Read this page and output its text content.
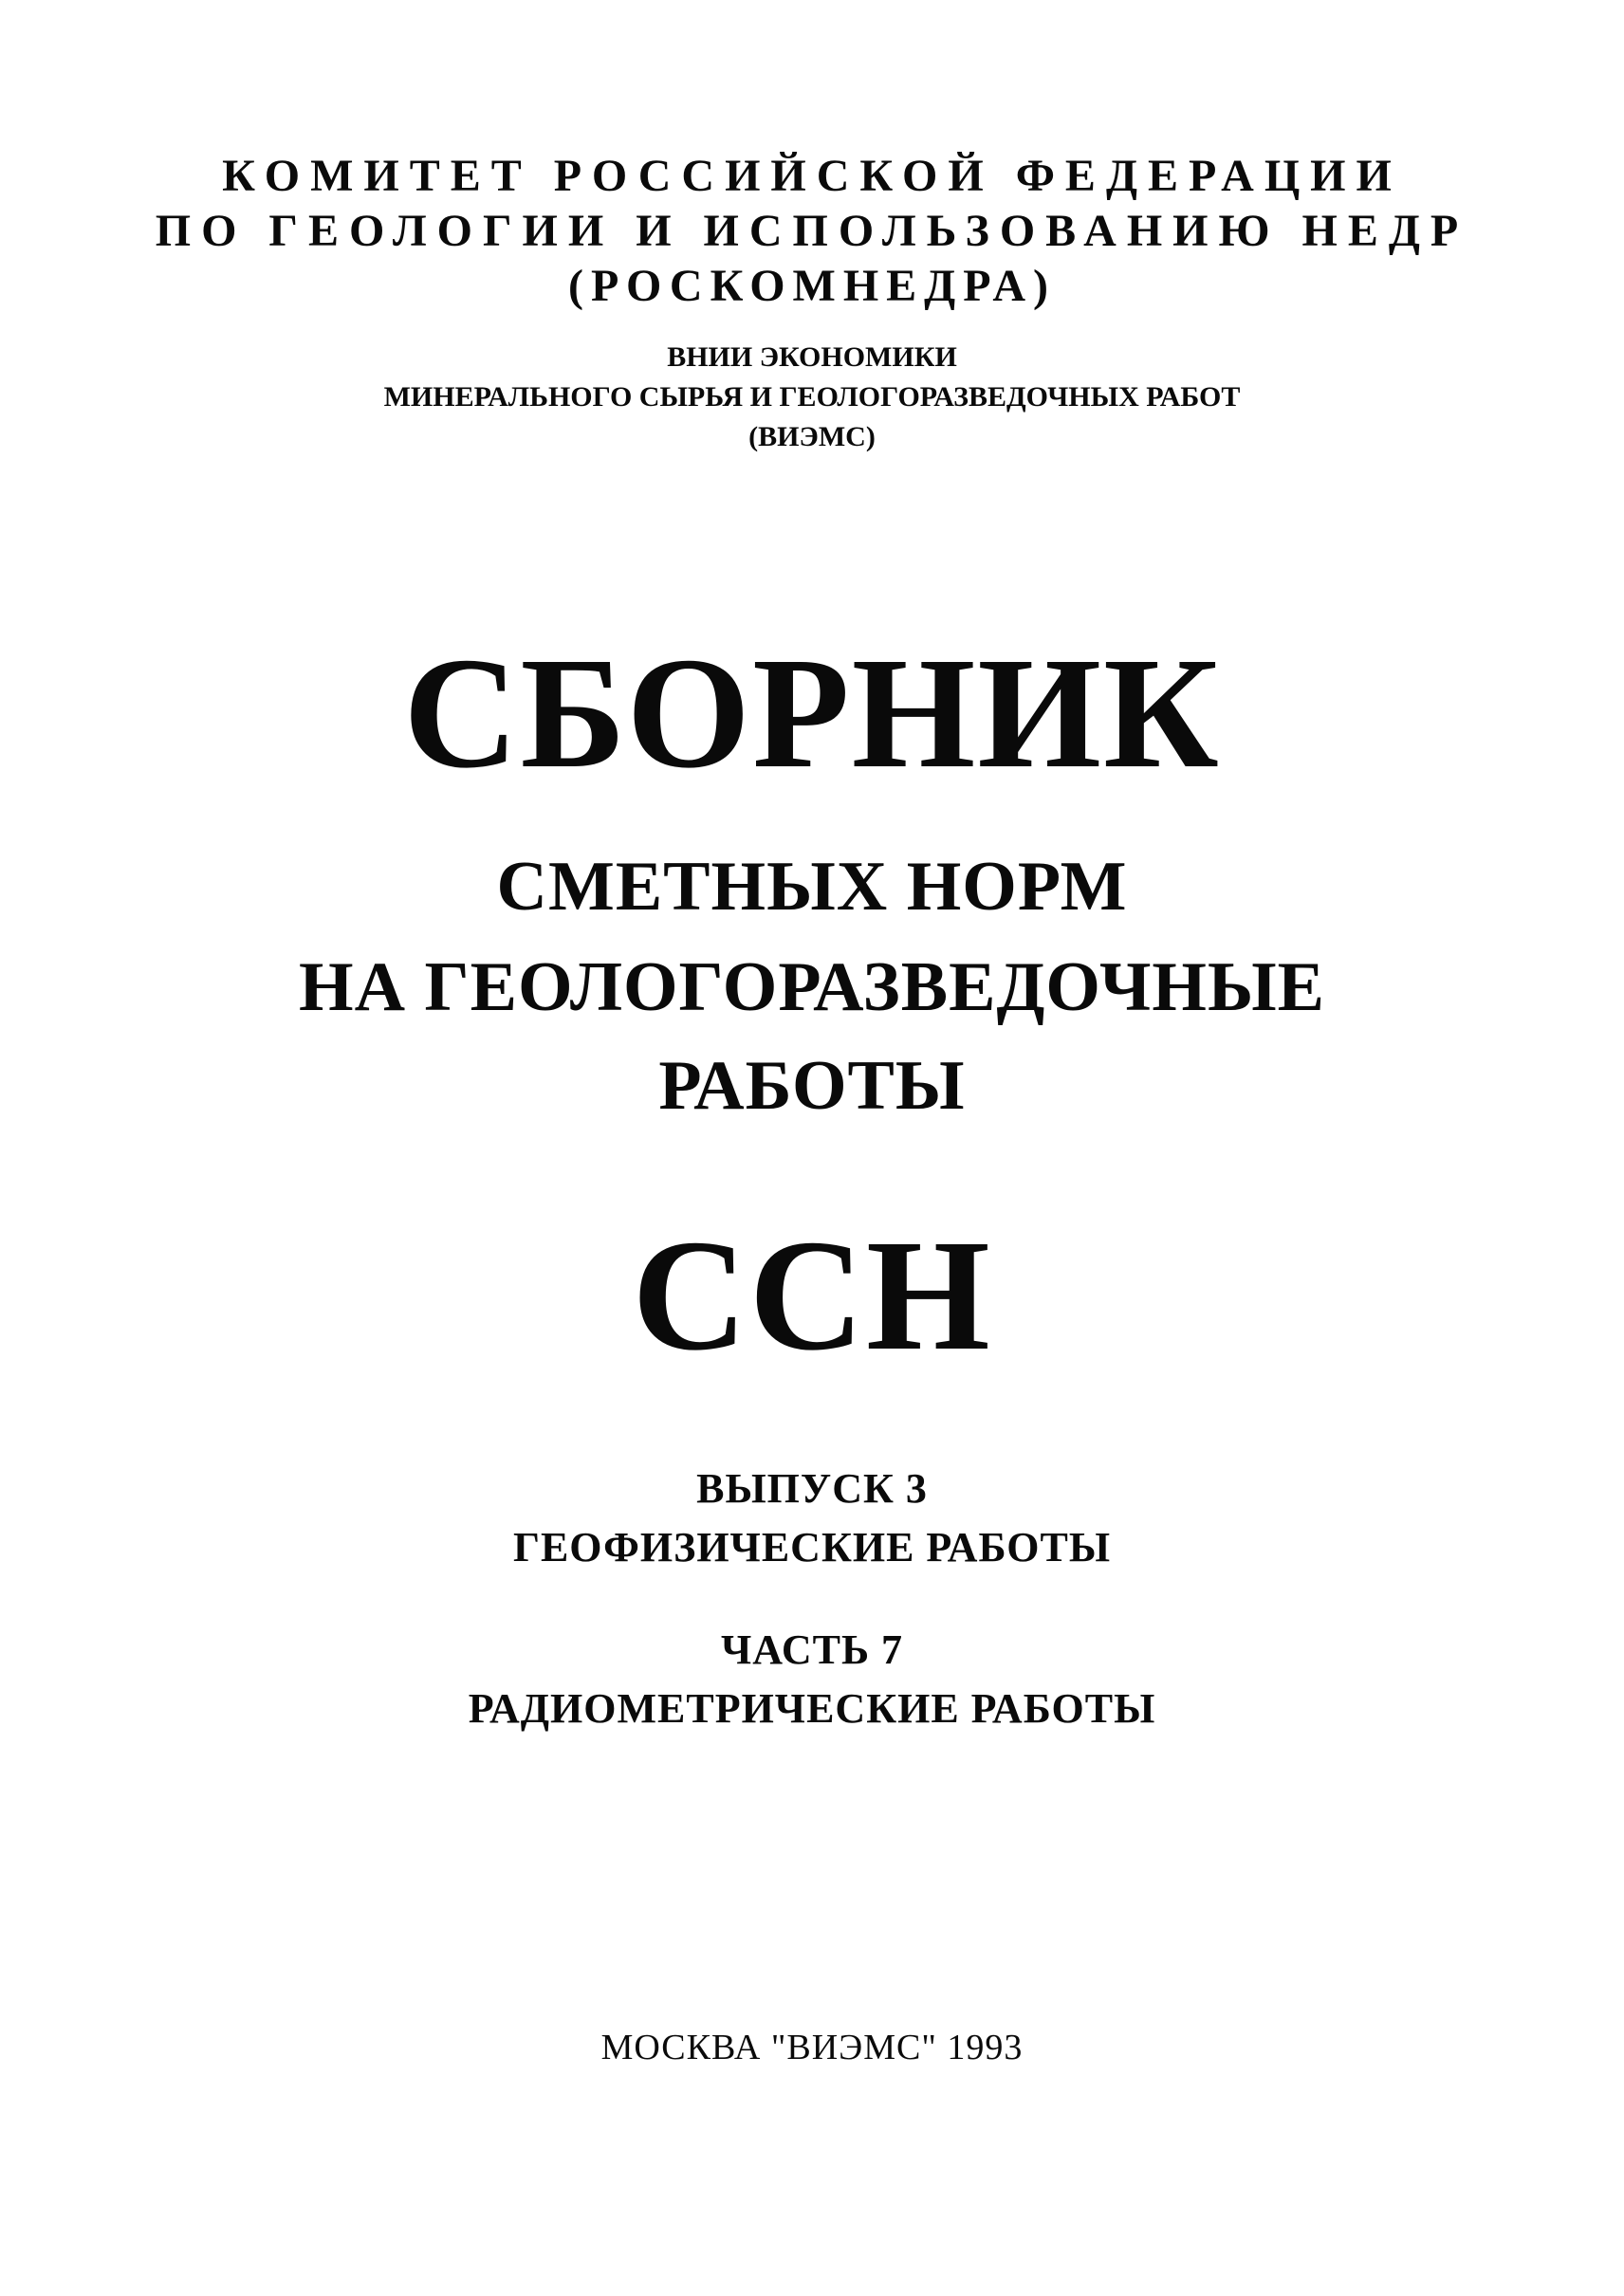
КОМИТЕТ РОССИЙСКОЙ ФЕДЕРАЦИИ
ПО ГЕОЛОГИИ И ИСПОЛЬЗОВАНИЮ НЕДР
(РОСКОМНЕДРА)
ВНИИ ЭКОНОМИКИ
МИНЕРАЛЬНОГО СЫРЬЯ И ГЕОЛОГОРАЗВЕДОЧНЫХ РАБОТ
(ВИЭМС)
СБОРНИК
СМЕТНЫХ НОРМ
НА ГЕОЛОГОРАЗВЕДОЧНЫЕ
РАБОТЫ
ССН
ВЫПУСК 3
ГЕОФИЗИЧЕСКИЕ РАБОТЫ
ЧАСТЬ 7
РАДИОМЕТРИЧЕСКИЕ РАБОТЫ
МОСКВА "ВИЭМС" 1993
